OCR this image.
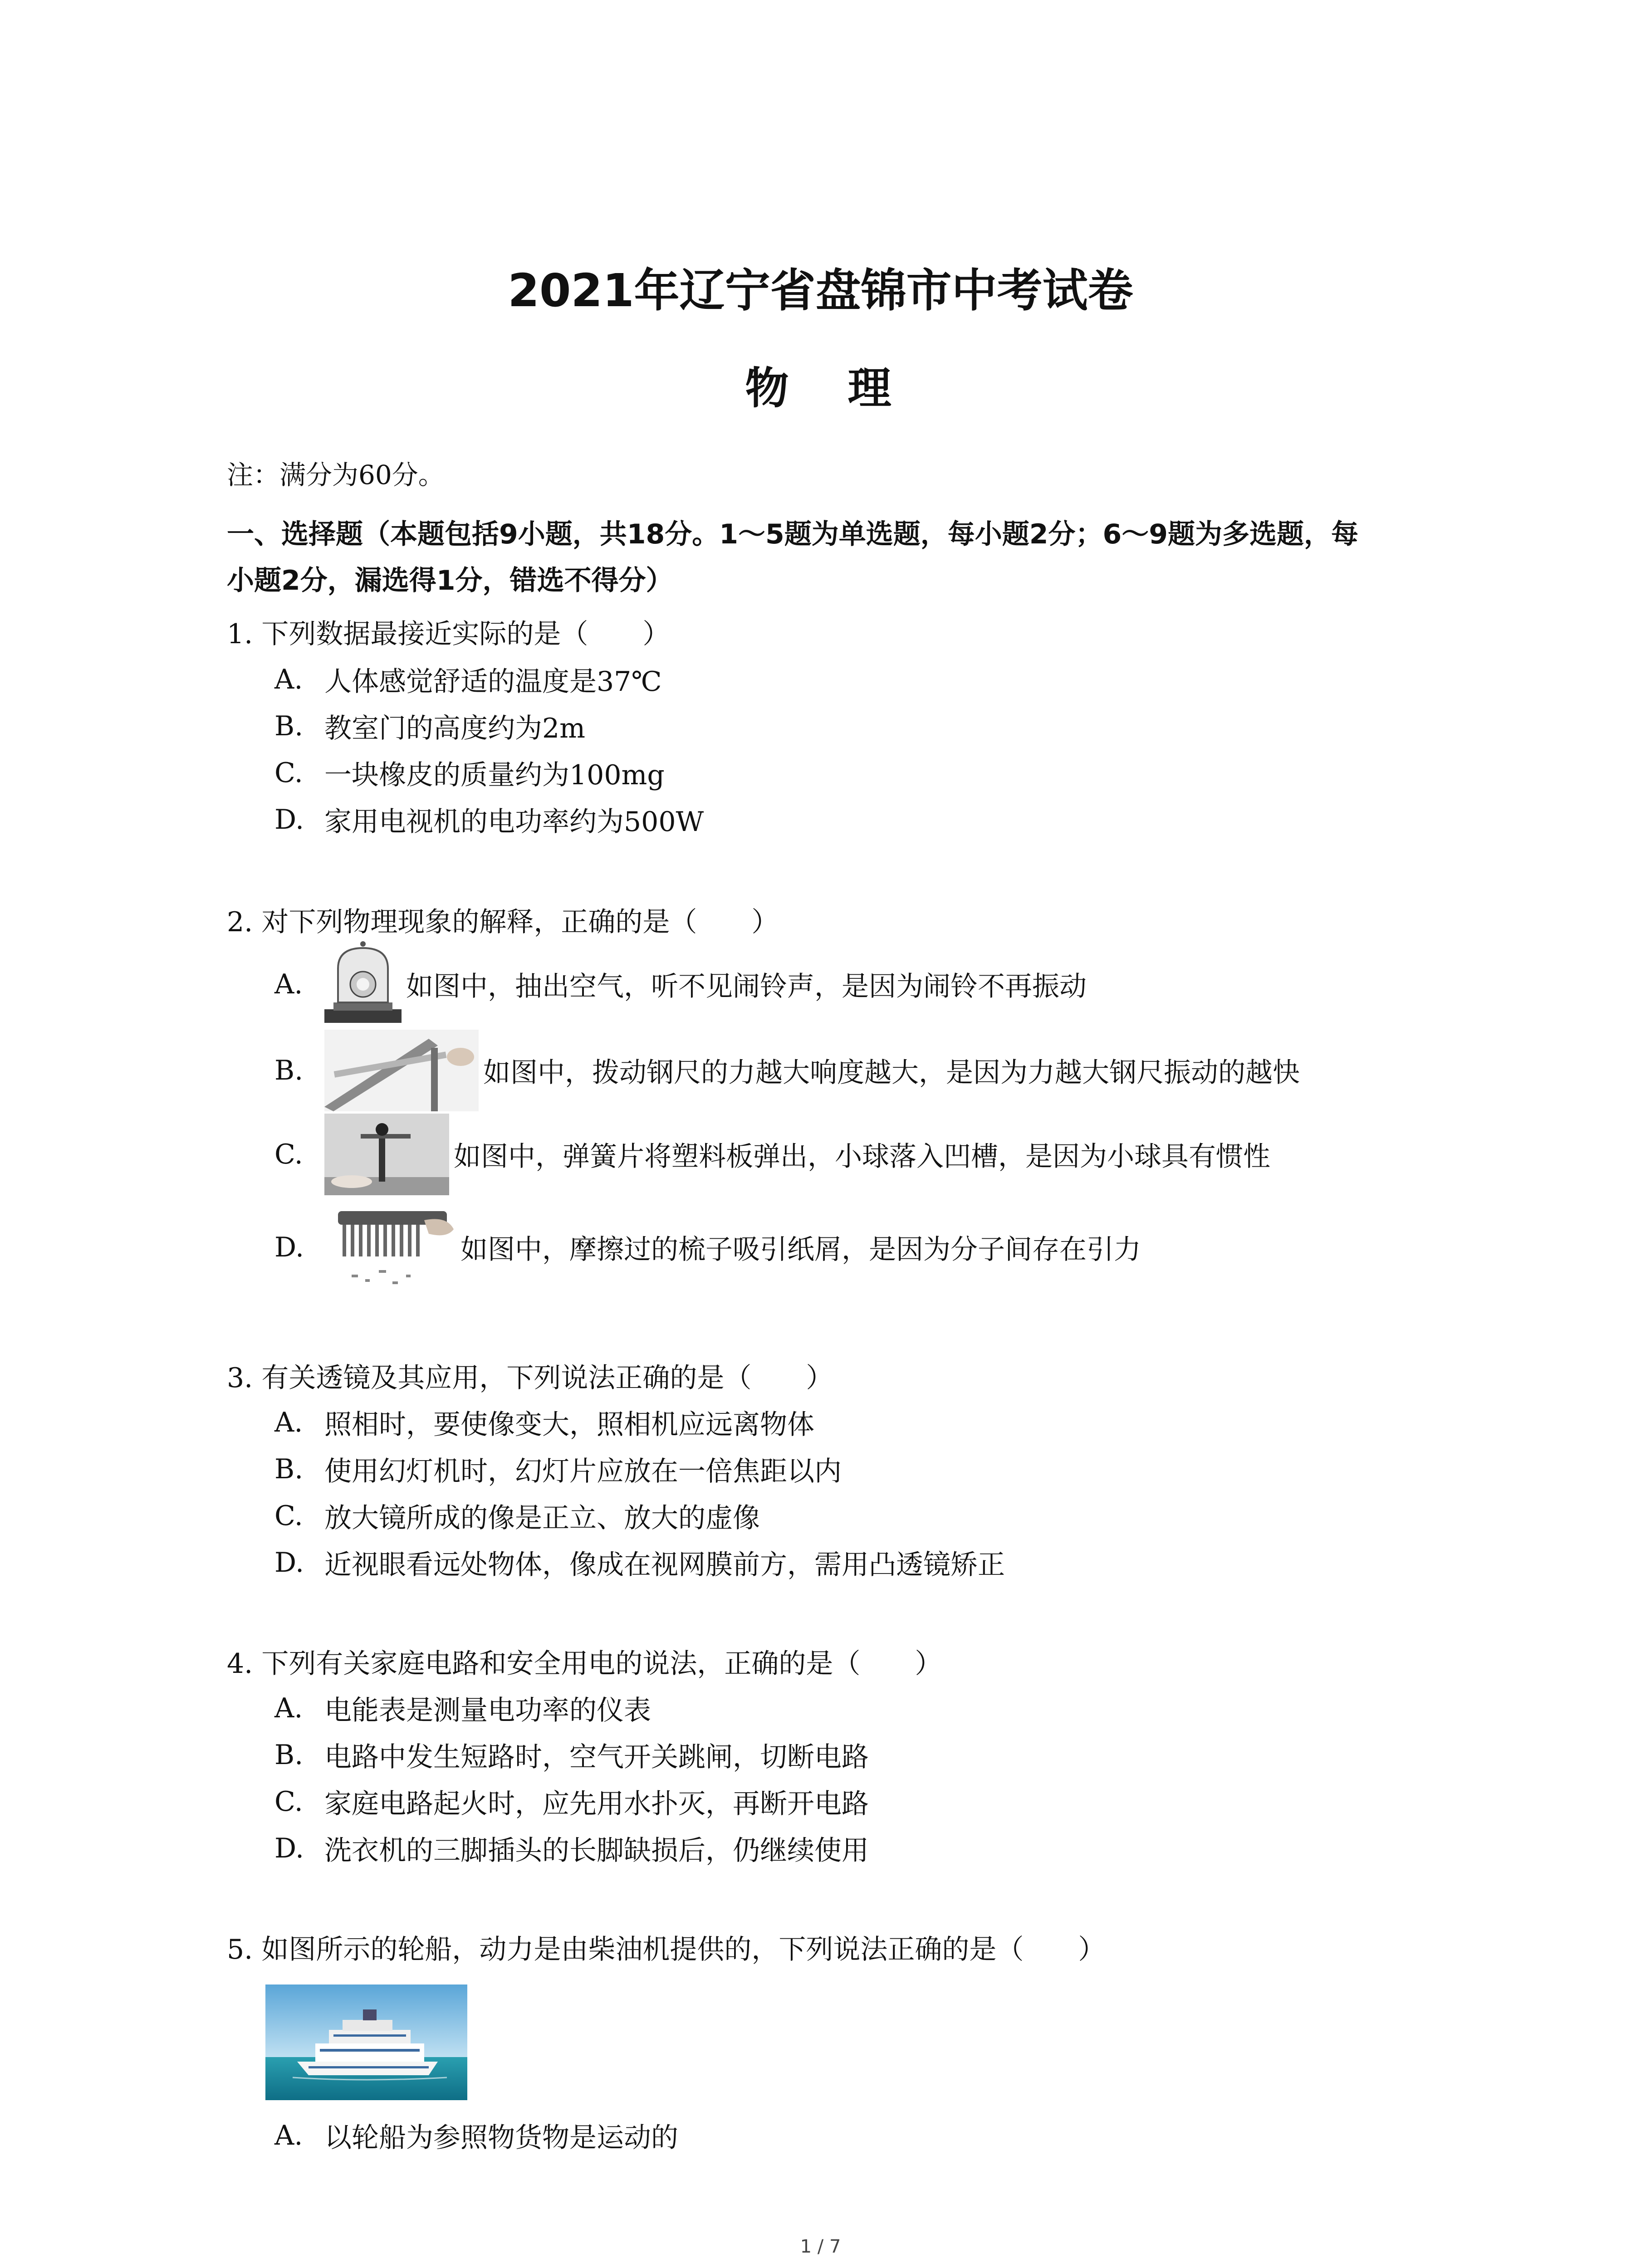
2021年辽宁省盘锦市中考试卷
物 理
注：满分为60分。
一、选择题（本题包括9小题，共18分。1～5题为单选题，每小题2分；6～9题为多选题，每
小题2分，漏选得1分，错选不得分）
1. 下列数据最接近实际的是（　　）
A. 人体感觉舒适的温度是37℃
B. 教室门的高度约为2m
C. 一块橡皮的质量约为100mg
D. 家用电视机的电功率约为500W
2. 对下列物理现象的解释，正确的是（　　）
A.	如图中，抽出空气，听不见闹铃声，是因为闹铃不再振动
B.	如图中，拨动钢尺的力越大响度越大，是因为力越大钢尺振动的越快
C.	如图中，弹簧片将塑料板弹出，小球落入凹槽，是因为小球具有惯性
D.	如图中，摩擦过的梳子吸引纸屑，是因为分子间存在引力
3. 有关透镜及其应用，下列说法正确的是（　　）
A. 照相时，要使像变大，照相机应远离物体
B. 使用幻灯机时，幻灯片应放在一倍焦距以内
C. 放大镜所成的像是正立、放大的虚像
D. 近视眼看远处物体，像成在视网膜前方，需用凸透镜矫正
4. 下列有关家庭电路和安全用电的说法，正确的是（　　）
A. 电能表是测量电功率的仪表
B. 电路中发生短路时，空气开关跳闸，切断电路
C. 家庭电路起火时，应先用水扑灭，再断开电路
D. 洗衣机的三脚插头的长脚缺损后，仍继续使用
5. 如图所示的轮船，动力是由柴油机提供的，下列说法正确的是（　　）
A. 以轮船为参照物货物是运动的
1 / 7
